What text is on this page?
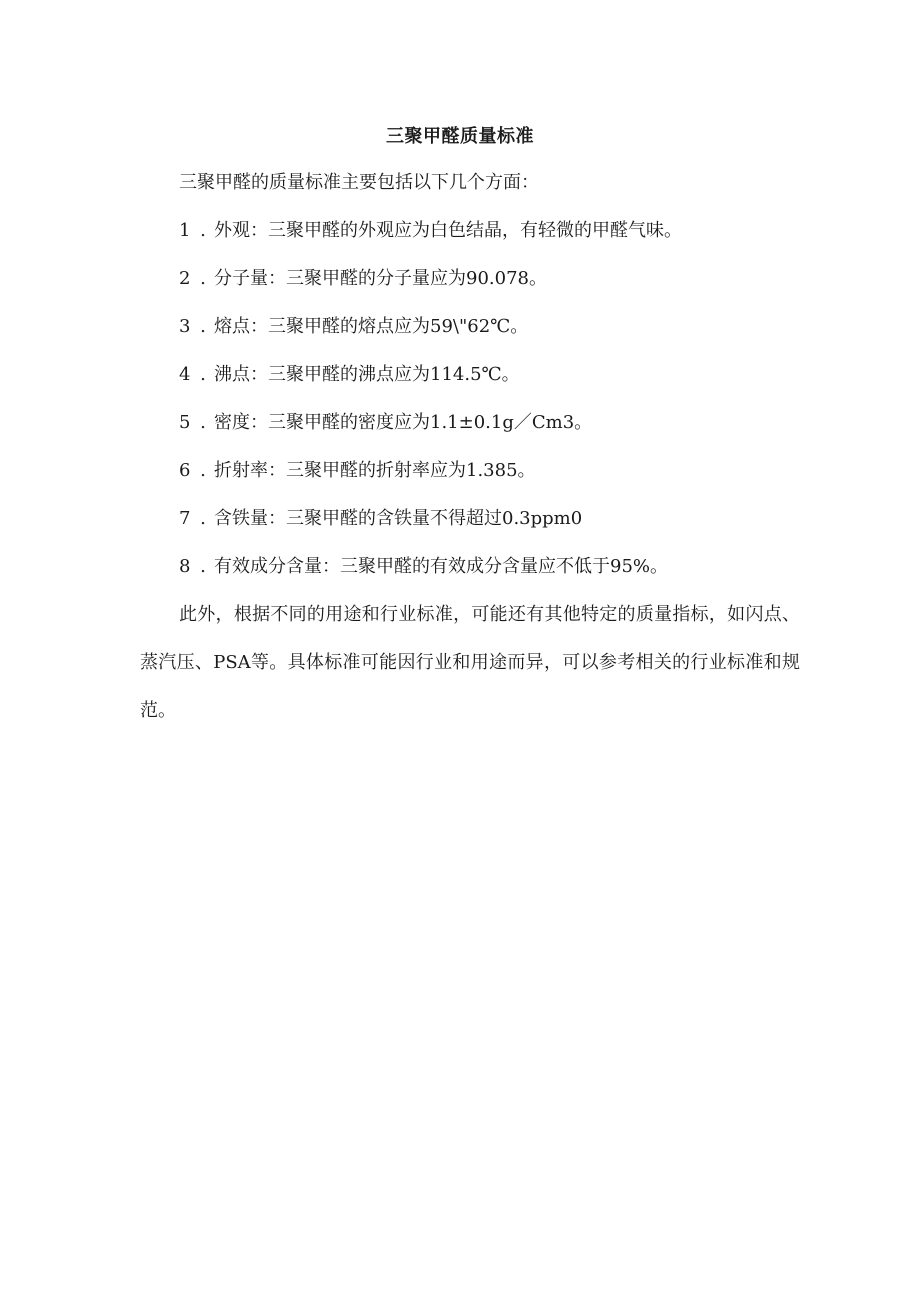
三聚甲醛质量标准

三聚甲醛的质量标准主要包括以下几个方面：

1 . 外观：三聚甲醛的外观应为白色结晶，有轻微的甲醛气味。
2 . 分子量：三聚甲醛的分子量应为90.078。
3 . 熔点：三聚甲醛的熔点应为59\"62℃。
4 . 沸点：三聚甲醛的沸点应为114.5℃。
5 . 密度：三聚甲醛的密度应为1.1±0.1g／Cm3。
6 . 折射率：三聚甲醛的折射率应为1.385。
7 . 含铁量：三聚甲醛的含铁量不得超过0.3ppm0
8 . 有效成分含量：三聚甲醛的有效成分含量应不低于95%。

此外，根据不同的用途和行业标准，可能还有其他特定的质量指标，如闪点、蒸汽压、PSA等。具体标准可能因行业和用途而异，可以参考相关的行业标准和规范。
